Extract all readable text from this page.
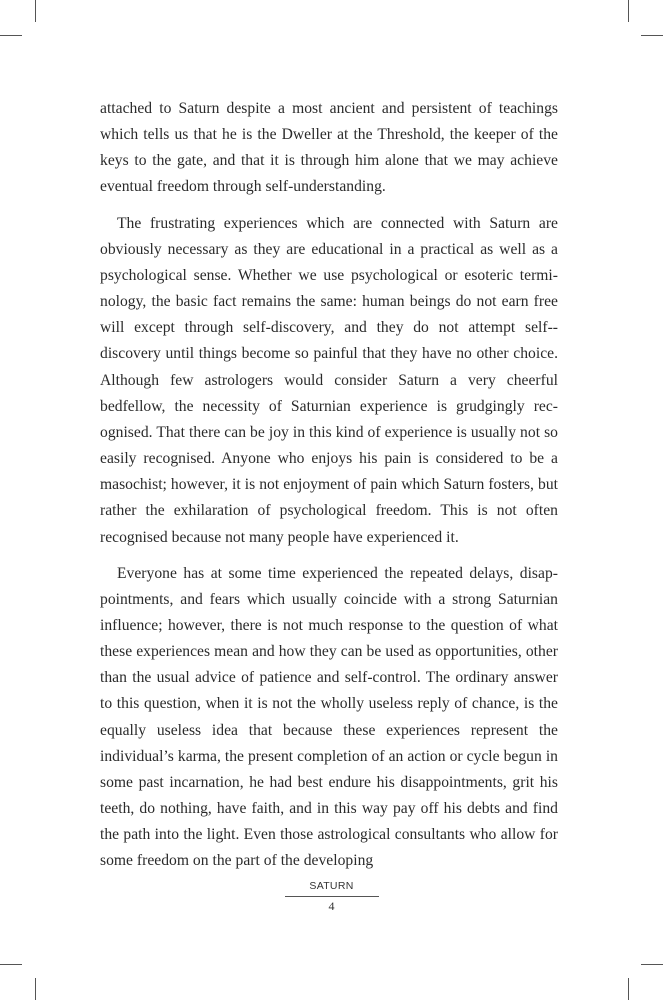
attached to Saturn despite a most ancient and persistent of teachings which tells us that he is the Dweller at the Threshold, the keeper of the keys to the gate, and that it is through him alone that we may achieve eventual freedom through self-understanding.

The frustrating experiences which are connected with Saturn are obviously necessary as they are educational in a practical as well as a psychological sense. Whether we use psychological or esoteric terminology, the basic fact remains the same: human beings do not earn free will except through self-discovery, and they do not attempt self-discovery until things become so painful that they have no other choice. Although few astrologers would consider Saturn a very cheerful bedfellow, the necessity of Saturnian experience is grudgingly recognised. That there can be joy in this kind of experience is usually not so easily recognised. Anyone who enjoys his pain is considered to be a masochist; however, it is not enjoyment of pain which Saturn fosters, but rather the exhilaration of psychological freedom. This is not often recognised because not many people have experienced it.

Everyone has at some time experienced the repeated delays, disappointments, and fears which usually coincide with a strong Saturnian influence; however, there is not much response to the question of what these experiences mean and how they can be used as opportunities, other than the usual advice of patience and self-control. The ordinary answer to this question, when it is not the wholly useless reply of chance, is the equally useless idea that because these experiences represent the individual’s karma, the present completion of an action or cycle begun in some past incarnation, he had best endure his disappointments, grit his teeth, do nothing, have faith, and in this way pay off his debts and find the path into the light. Even those astrological consultants who allow for some freedom on the part of the developing

SATURN
4
